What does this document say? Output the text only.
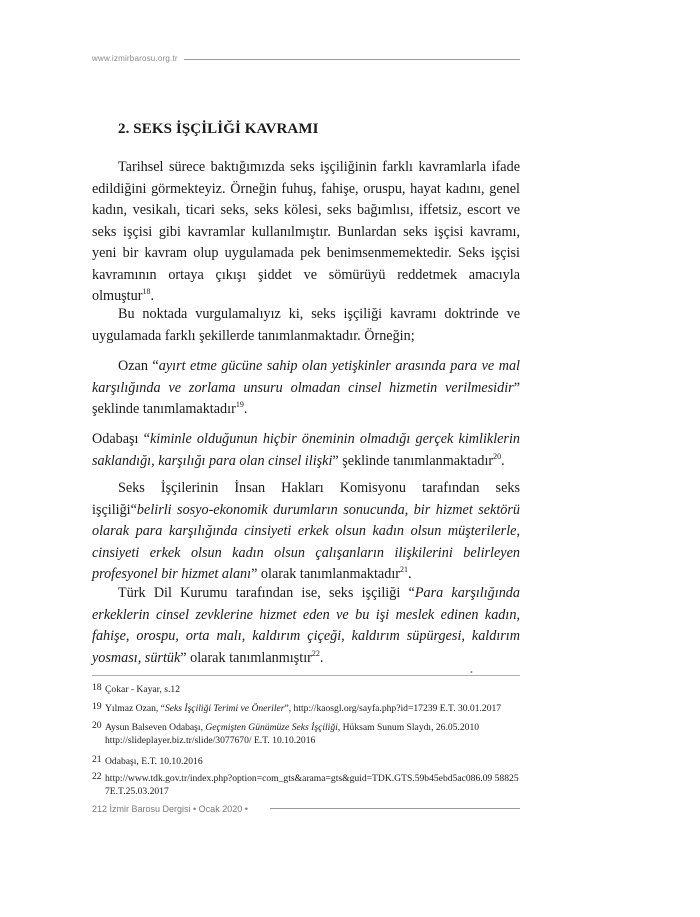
www.izmirbarosu.org.tr
2. SEKS İŞÇİLİĞİ KAVRAMI

Tarihsel sürece baktığımızda seks işçiliğinin farklı kavramlarla ifade edildiğini görmekteyiz. Örneğin fuhuş, fahişe, oruspu, hayat kadını, genel kadın, vesikalı, ticari seks, seks kölesi, seks bağımlısı, iffetsiz, escort ve seks işçisi gibi kavramlar kullanılmıştır. Bunlardan seks işçisi kavramı, yeni bir kavram olup uygulamada pek benimsenmemektedir. Seks işçisi kavramının ortaya çıkışı şiddet ve sömürüyü reddetmek amacıyla olmuştur$^{18}$.

Bu noktada vurgulamalıyız ki, seks işçiliği kavramı doktrinde ve uygulamada farklı şekillerde tanımlanmaktadır. Örneğin;

Ozan “ayırt etme gücüne sahip olan yetişkinler arasında para ve mal karşılığında ve zorlama unsuru olmadan cinsel hizmetin verilmesidir” şeklinde tanımlamaktadır$^{19}$.

Odabaşı “kiminle olduğunun hiçbir öneminin olmadığı gerçek kimliklerin saklandığı, karşılığı para olan cinsel ilişki” şeklinde tanımlanmaktadır$^{20}$.

Seks İşçilerinin İnsan Hakları Komisyonu tarafından seks işçiliği“belirli sosyo-ekonomik durumların sonucunda, bir hizmet sektörü olarak para karşılığında cinsiyeti erkek olsun kadın olsun müşterilerle, cinsiyeti erkek olsun kadın olsun çalışanların ilişkilerini belirleyen profesyonel bir hizmet alanı” olarak tanımlanmaktadır$^{21}$.

Türk Dil Kurumu tarafından ise, seks işçiliği “Para karşılığında erkeklerin cinsel zevklerine hizmet eden ve bu işi meslek edinen kadın, fahişe, orospu, orta malı, kaldırım çiçeği, kaldırım süpürgesi, kaldırım yosması, sürtük” olarak tanımlanmıştır$^{22}$.

•
18 Çokar - Kayar, s.12
19 Yılmaz Ozan, “Seks İşçiliği Terimi ve Öneriler”, http://kaosgl.org/sayfa.php?id=17239 E.T. 30.01.2017
20 Aysun Balseven Odabaşı, Geçmişten Günümüze Seks İşçiliği, Hüksam Sunum Slaydı, 26.05.2010 http://slideplayer.biz.tr/slide/3077670/ E.T. 10.10.2016
21 Odabaşı, E.T. 10.10.2016
22 http://www.tdk.gov.tr/index.php?option=com_gts&arama=gts&guid=TDK.GTS.59b45ebd5ac086.09 588257E.T.25.03.2017
212 İzmir Barosu Dergisi • Ocak 2020 •
